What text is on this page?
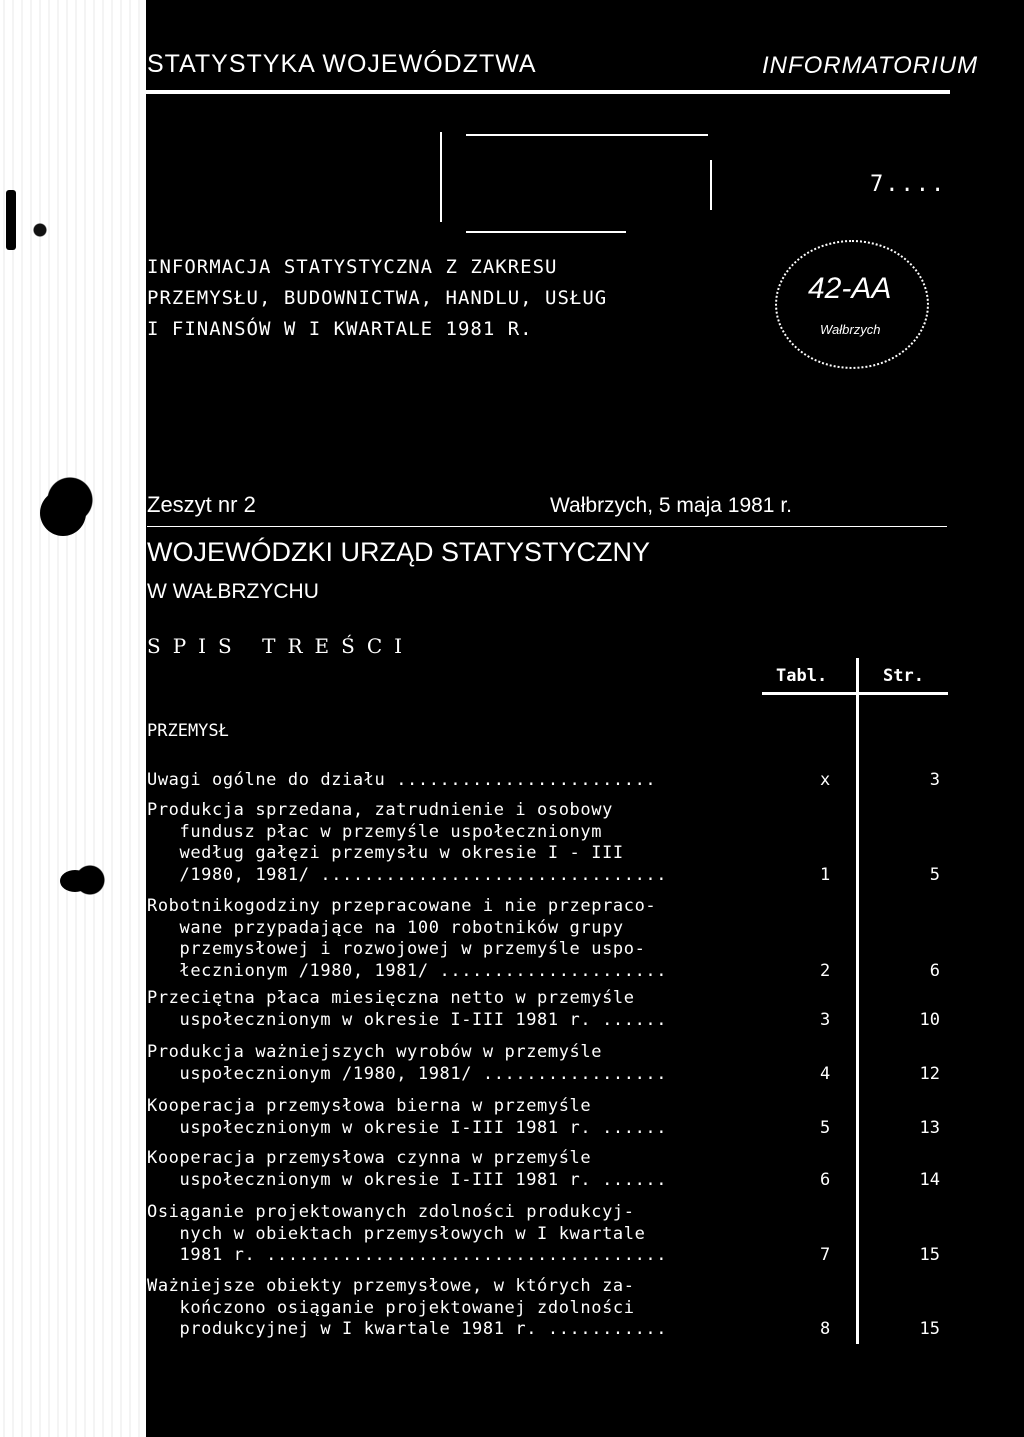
STATYSTYKA WOJEWÓDZTWA	INFORMATORIUM
7....
INFORMACJA STATYSTYCZNA Z ZAKRESU
PRZEMYSŁU, BUDOWNICTWA, HANDLU, USŁUG
I FINANSÓW W I KWARTALE 1981 R.
42-AA
Wałbrzych
Zeszyt nr 2	Wałbrzych, 5 maja 1981 r.
WOJEWÓDZKI URZĄD STATYSTYCZNY
W WAŁBRZYCHU
SPIS TREŚCI
Tabl.	Str.
PRZEMYSŁ
Uwagi ogólne do działu ........................	x	3
Produkcja sprzedana, zatrudnienie i osobowy
fundusz płac w przemyśle uspołecznionym
według gałęzi przemysłu w okresie I - III
/1980, 1981/ ................................	1	5
Robotnikogodziny przepracowane i nie przepraco-
wane przypadające na 100 robotników grupy
przemysłowej i rozwojowej w przemyśle uspo-
łecznionym /1980, 1981/ .....................	2	6
Przeciętna płaca miesięczna netto w przemyśle
uspołecznionym w okresie I-III 1981 r. ......	3	10
Produkcja ważniejszych wyrobów w przemyśle
uspołecznionym /1980, 1981/ .................	4	12
Kooperacja przemysłowa bierna w przemyśle
uspołecznionym w okresie I-III 1981 r. ......	5	13
Kooperacja przemysłowa czynna w przemyśle
uspołecznionym w okresie I-III 1981 r. ......	6	14
Osiąganie projektowanych zdolności produkcyj-
nych w obiektach przemysłowych w I kwartale
1981 r. .....................................	7	15
Ważniejsze obiekty przemysłowe, w których za-
kończono osiąganie projektowanej zdolności
produkcyjnej w I kwartale 1981 r. ...........	8	15
